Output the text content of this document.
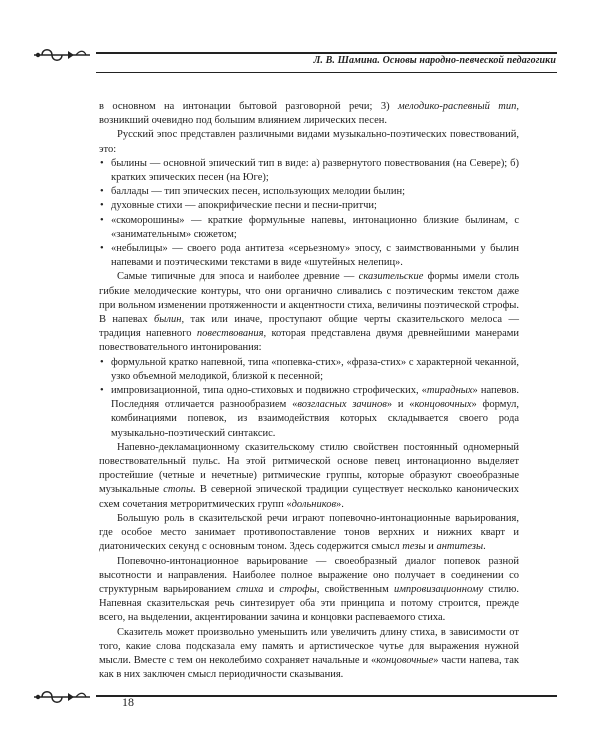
Л. В. Шамина. Основы народно-певческой педагогики

в основном на интонации бытовой разговорной речи; 3) мелодико-распевный тип, возникший очевидно под большим влиянием лирических песен.

Русский эпос представлен различными видами музыкально-поэтических повествований, это:

• былины — основной эпический тип в виде: а) развернутого повествования (на Севере); б) кратких эпических песен (на Юге);
• баллады — тип эпических песен, использующих мелодии былин;
• духовные стихи — апокрифические песни и песни-притчи;
• «скоморошины» — краткие формульные напевы, интонационно близкие былинам, с «занимательным» сюжетом;
• «небылицы» — своего рода антитеза «серьезному» эпосу, с заимствованными у былин напевами и поэтическими текстами в виде «шутейных нелепиц».

Самые типичные для эпоса и наиболее древние — сказительские формы имели столь гибкие мелодические контуры, что они органично сливались с поэтическим текстом даже при вольном изменении протяженности и акцентности стиха, величины поэтической строфы. В напевах былин, так или иначе, проступают общие черты сказительского мелоса — традиция напевного повествования, которая представлена двумя древнейшими манерами повествовательного интонирования:

• формульной кратко напевной, типа «попевка-стих», «фраза-стих» с характерной чеканной, узко объемной мелодикой, близкой к песенной;
• импровизационной, типа одно-стиховых и подвижно строфических, «тирадных» напевов. Последняя отличается разнообразием «возгласных зачинов» и «концовочных» формул, комбинациями попевок, из взаимодействия которых складывается своего рода музыкально-поэтический синтаксис.

Напевно-декламационному сказительскому стилю свойствен постоянный одномерный повествовательный пульс. На этой ритмической основе певец интонационно выделяет простейшие (четные и нечетные) ритмические группы, которые образуют своеобразные музыкальные стопы. В северной эпической традиции существует несколько канонических схем сочетания метроритмических групп «дольников».

Большую роль в сказительской речи играют попевочно-интонационные варьирования, где особое место занимает противопоставление тонов верхних и нижних кварт и диатонических секунд с основным тоном. Здесь содержится смысл тезы и антитезы.

Попевочно-интонационное варьирование — своеобразный диалог попевок разной высотности и направления. Наиболее полное выражение оно получает в соединении со структурным варьированием стиха и строфы, свойственным импровизационному стилю. Напевная сказительская речь синтезирует оба эти принципа и потому строится, прежде всего, на выделении, акцентировании зачина и концовки распеваемого стиха.

Сказитель может произвольно уменьшить или увеличить длину стиха, в зависимости от того, какие слова подсказала ему память и артистическое чутье для выражения нужной мысли. Вместе с тем он неколебимо сохраняет начальные и «концовочные» части напева, так как в них заключен смысл периодичности сказывания.

18
